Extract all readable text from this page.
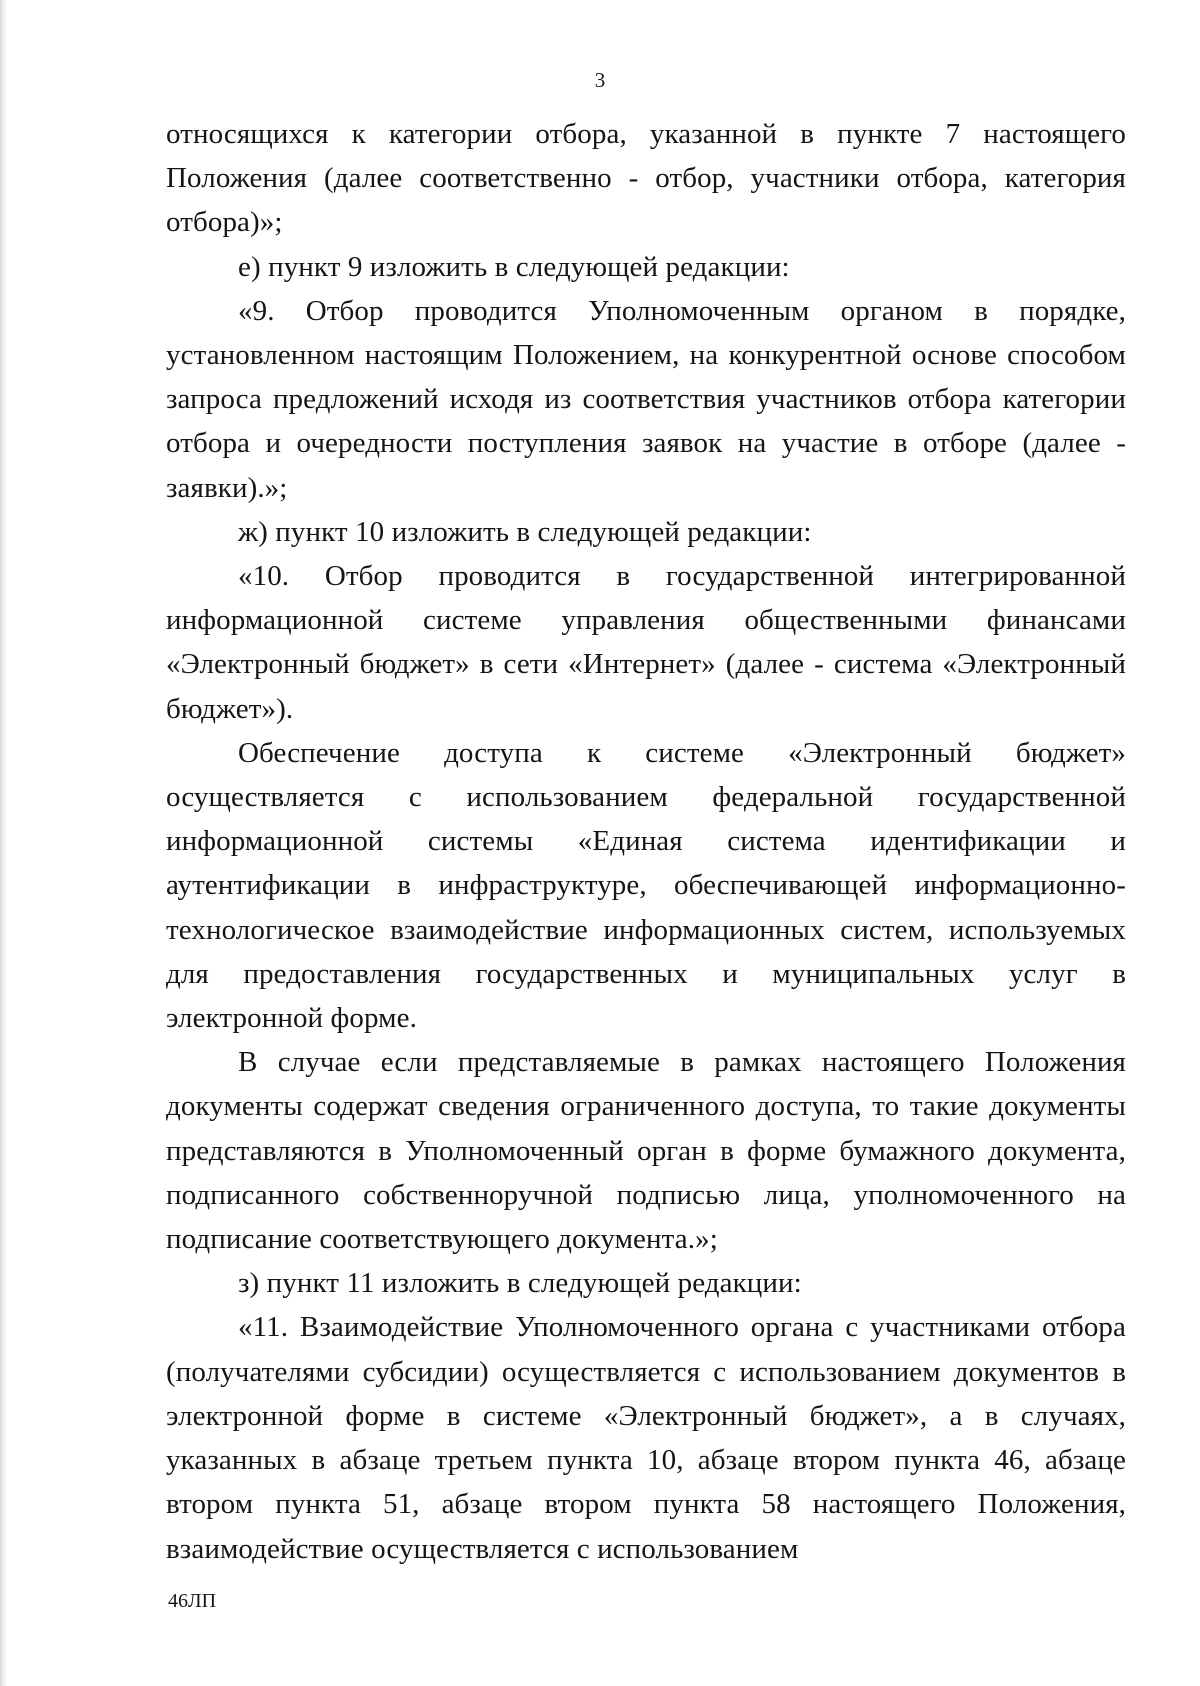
3

относящихся к категории отбора, указанной в пункте 7 настоящего Положения (далее соответственно - отбор, участники отбора, категория отбора)»;

е) пункт 9 изложить в следующей редакции:

«9. Отбор проводится Уполномоченным органом в порядке, установленном настоящим Положением, на конкурентной основе способом запроса предложений исходя из соответствия участников отбора категории отбора и очередности поступления заявок на участие в отборе (далее - заявки).»;

ж) пункт 10 изложить в следующей редакции:

«10. Отбор проводится в государственной интегрированной информационной системе управления общественными финансами «Электронный бюджет» в сети «Интернет» (далее - система «Электронный бюджет»).

Обеспечение доступа к системе «Электронный бюджет» осуществляется с использованием федеральной государственной информационной системы «Единая система идентификации и аутентификации в инфраструктуре, обеспечивающей информационно-технологическое взаимодействие информационных систем, используемых для предоставления государственных и муниципальных услуг в электронной форме.

В случае если представляемые в рамках настоящего Положения документы содержат сведения ограниченного доступа, то такие документы представляются в Уполномоченный орган в форме бумажного документа, подписанного собственноручной подписью лица, уполномоченного на подписание соответствующего документа.»;

з) пункт 11 изложить в следующей редакции:

«11. Взаимодействие Уполномоченного органа с участниками отбора (получателями субсидии) осуществляется с использованием документов в электронной форме в системе «Электронный бюджет», а в случаях, указанных в абзаце третьем пункта 10, абзаце втором пункта 46, абзаце втором пункта 51, абзаце втором пункта 58 настоящего Положения, взаимодействие осуществляется с использованием

46ЛП
